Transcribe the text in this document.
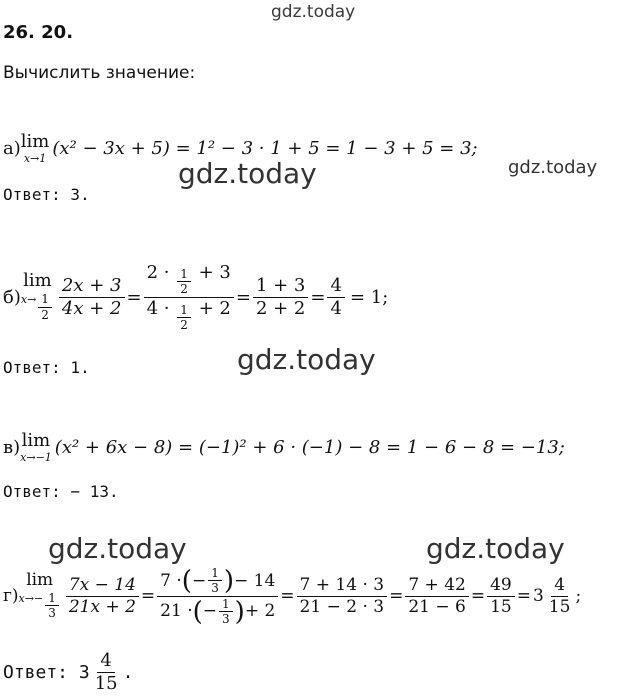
gdz.today
gdz.today	gdz.today
gdz.today
gdz.today	gdz.today
26. 20.
Вычислить значение:
а) lim
x→1 (x² − 3x + 5) = 1² − 3 · 1 + 5 = 1 − 3 + 5 = 3;
Ответ: 3.
б)
lim
$x\to \frac{1}{2} \frac{2x + 3}{4x + 2} = \frac{2 \cdot \frac{1}{2} + 3}{4 \cdot \frac{1}{2} + 2} = \frac{1 + 3}{2 + 2} = \frac{4}{4} = 1$;
Ответ: 1.
в) lim
x→−1 (x² + 6x − 8) = (−1)² + 6 · (−1) − 8 = 1 − 6 − 8 = −13;
Ответ: − 13.
г)
lim
$x\to- \frac{1}{3} \frac{7x - 14}{21x + 2} = \frac{7 \cdot ( - \frac{1}{3} ) - 14}{21 \cdot ( - \frac{1}{3} ) + 2} = \frac{7 + 14 \cdot 3}{21 - 2 \cdot 3} = \frac{7 + 42}{21 - 6} = \frac{49}{15} = 3 \frac{4}{15}$ ;
Ответ: $3 \frac{4}{15}$ .
